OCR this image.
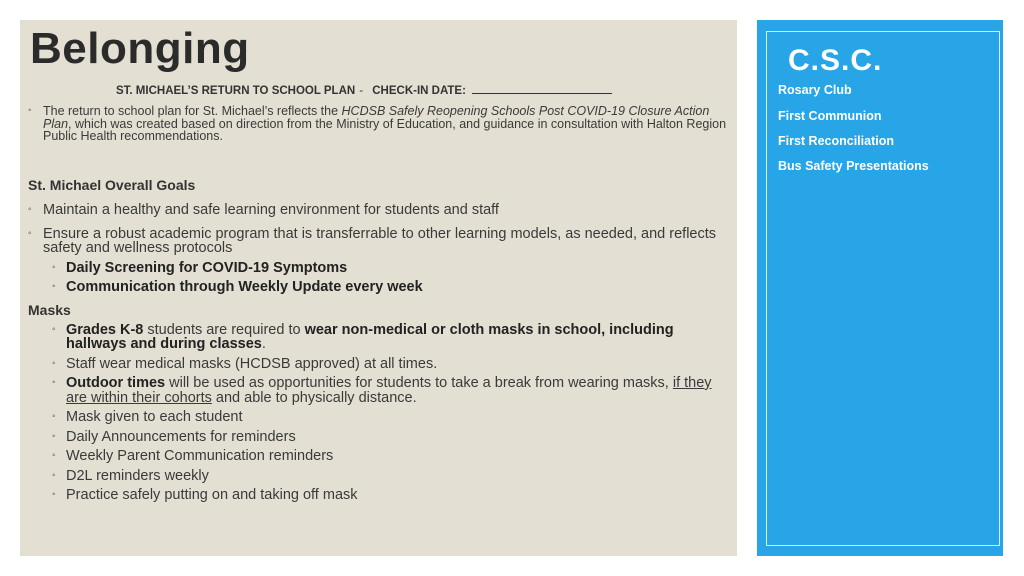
Belonging
ST. MICHAEL’S RETURN TO SCHOOL PLAN - CHECK-IN DATE:
◦ The return to school plan for St. Michael’s reflects the HCDSB Safely Reopening Schools Post COVID-19 Closure Action Plan, which was created based on direction from the Ministry of Education, and guidance in consultation with Halton Region Public Health recommendations.
St. Michael Overall Goals
◦ Maintain a healthy and safe learning environment for students and staff
◦ Ensure a robust academic program that is transferrable to other learning models, as needed, and reflects safety and wellness protocols
◦ Daily Screening for COVID-19 Symptoms
◦ Communication through Weekly Update every week
Masks
◦ Grades K-8 students are required to wear non-medical or cloth masks in school, including hallways and during classes.
◦ Staff wear medical masks (HCDSB approved) at all times.
◦ Outdoor times will be used as opportunities for students to take a break from wearing masks, if they are within their cohorts and able to physically distance.
◦ Mask given to each student
◦ Daily Announcements for reminders
◦ Weekly Parent Communication reminders
◦ D2L reminders weekly
◦ Practice safely putting on and taking off mask
C.S.C.
Rosary Club
First Communion
First Reconciliation
Bus Safety Presentations
